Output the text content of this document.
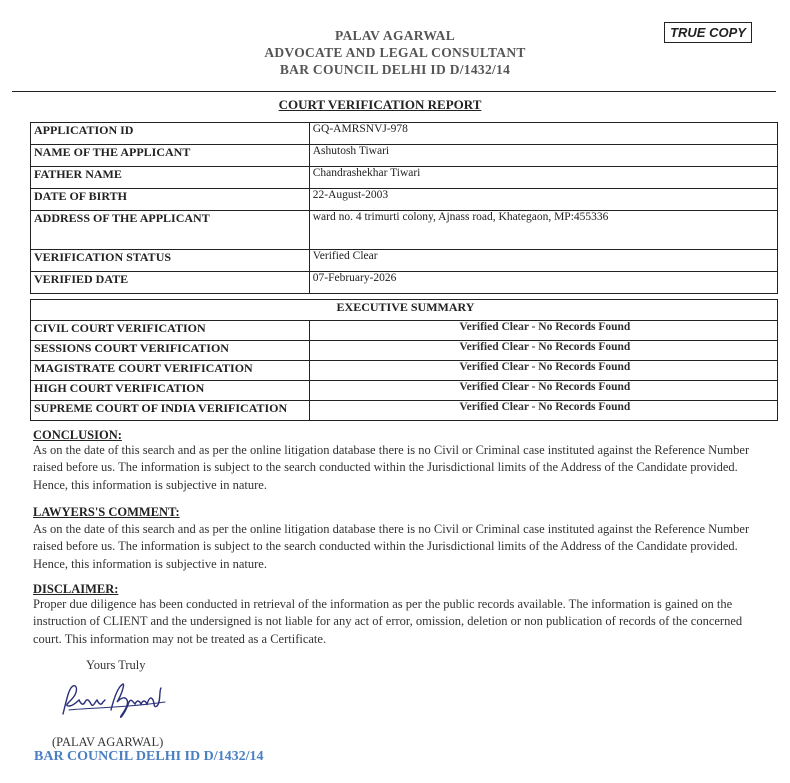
PALAV AGARWAL
ADVOCATE AND LEGAL CONSULTANT
BAR COUNCIL DELHI ID D/1432/14
TRUE COPY
COURT VERIFICATION REPORT
APPLICATION ID	GQ-AMRSNVJ-978
NAME OF THE APPLICANT	Ashutosh Tiwari
FATHER NAME	Chandrashekhar Tiwari
DATE OF BIRTH	22-August-2003
ADDRESS OF THE APPLICANT	ward no. 4 trimurti colony, Ajnass road, Khategaon, MP:455336
VERIFICATION STATUS	Verified Clear
VERIFIED DATE	07-February-2026
EXECUTIVE SUMMARY	
CIVIL COURT VERIFICATION	Verified Clear - No Records Found
SESSIONS COURT VERIFICATION	Verified Clear - No Records Found
MAGISTRATE COURT VERIFICATION	Verified Clear - No Records Found
HIGH COURT VERIFICATION	Verified Clear - No Records Found
SUPREME COURT OF INDIA VERIFICATION	Verified Clear - No Records Found
CONCLUSION:
As on the date of this search and as per the online litigation database there is no Civil or Criminal case instituted against the Reference Number raised before us. The information is subject to the search conducted within the Jurisdictional limits of the Address of the Candidate provided. Hence, this information is subjective in nature.
LAWYERS'S COMMENT:
As on the date of this search and as per the online litigation database there is no Civil or Criminal case instituted against the Reference Number raised before us. The information is subject to the search conducted within the Jurisdictional limits of the Address of the Candidate provided. Hence, this information is subjective in nature.
DISCLAIMER:
Proper due diligence has been conducted in retrieval of the information as per the public records available. The information is gained on the instruction of CLIENT and the undersigned is not liable for any act of error, omission, deletion or non publication of records of the concerned court. This information may not be treated as a Certificate.
Yours Truly
(PALAV AGARWAL)
BAR COUNCIL DELHI ID D/1432/14
